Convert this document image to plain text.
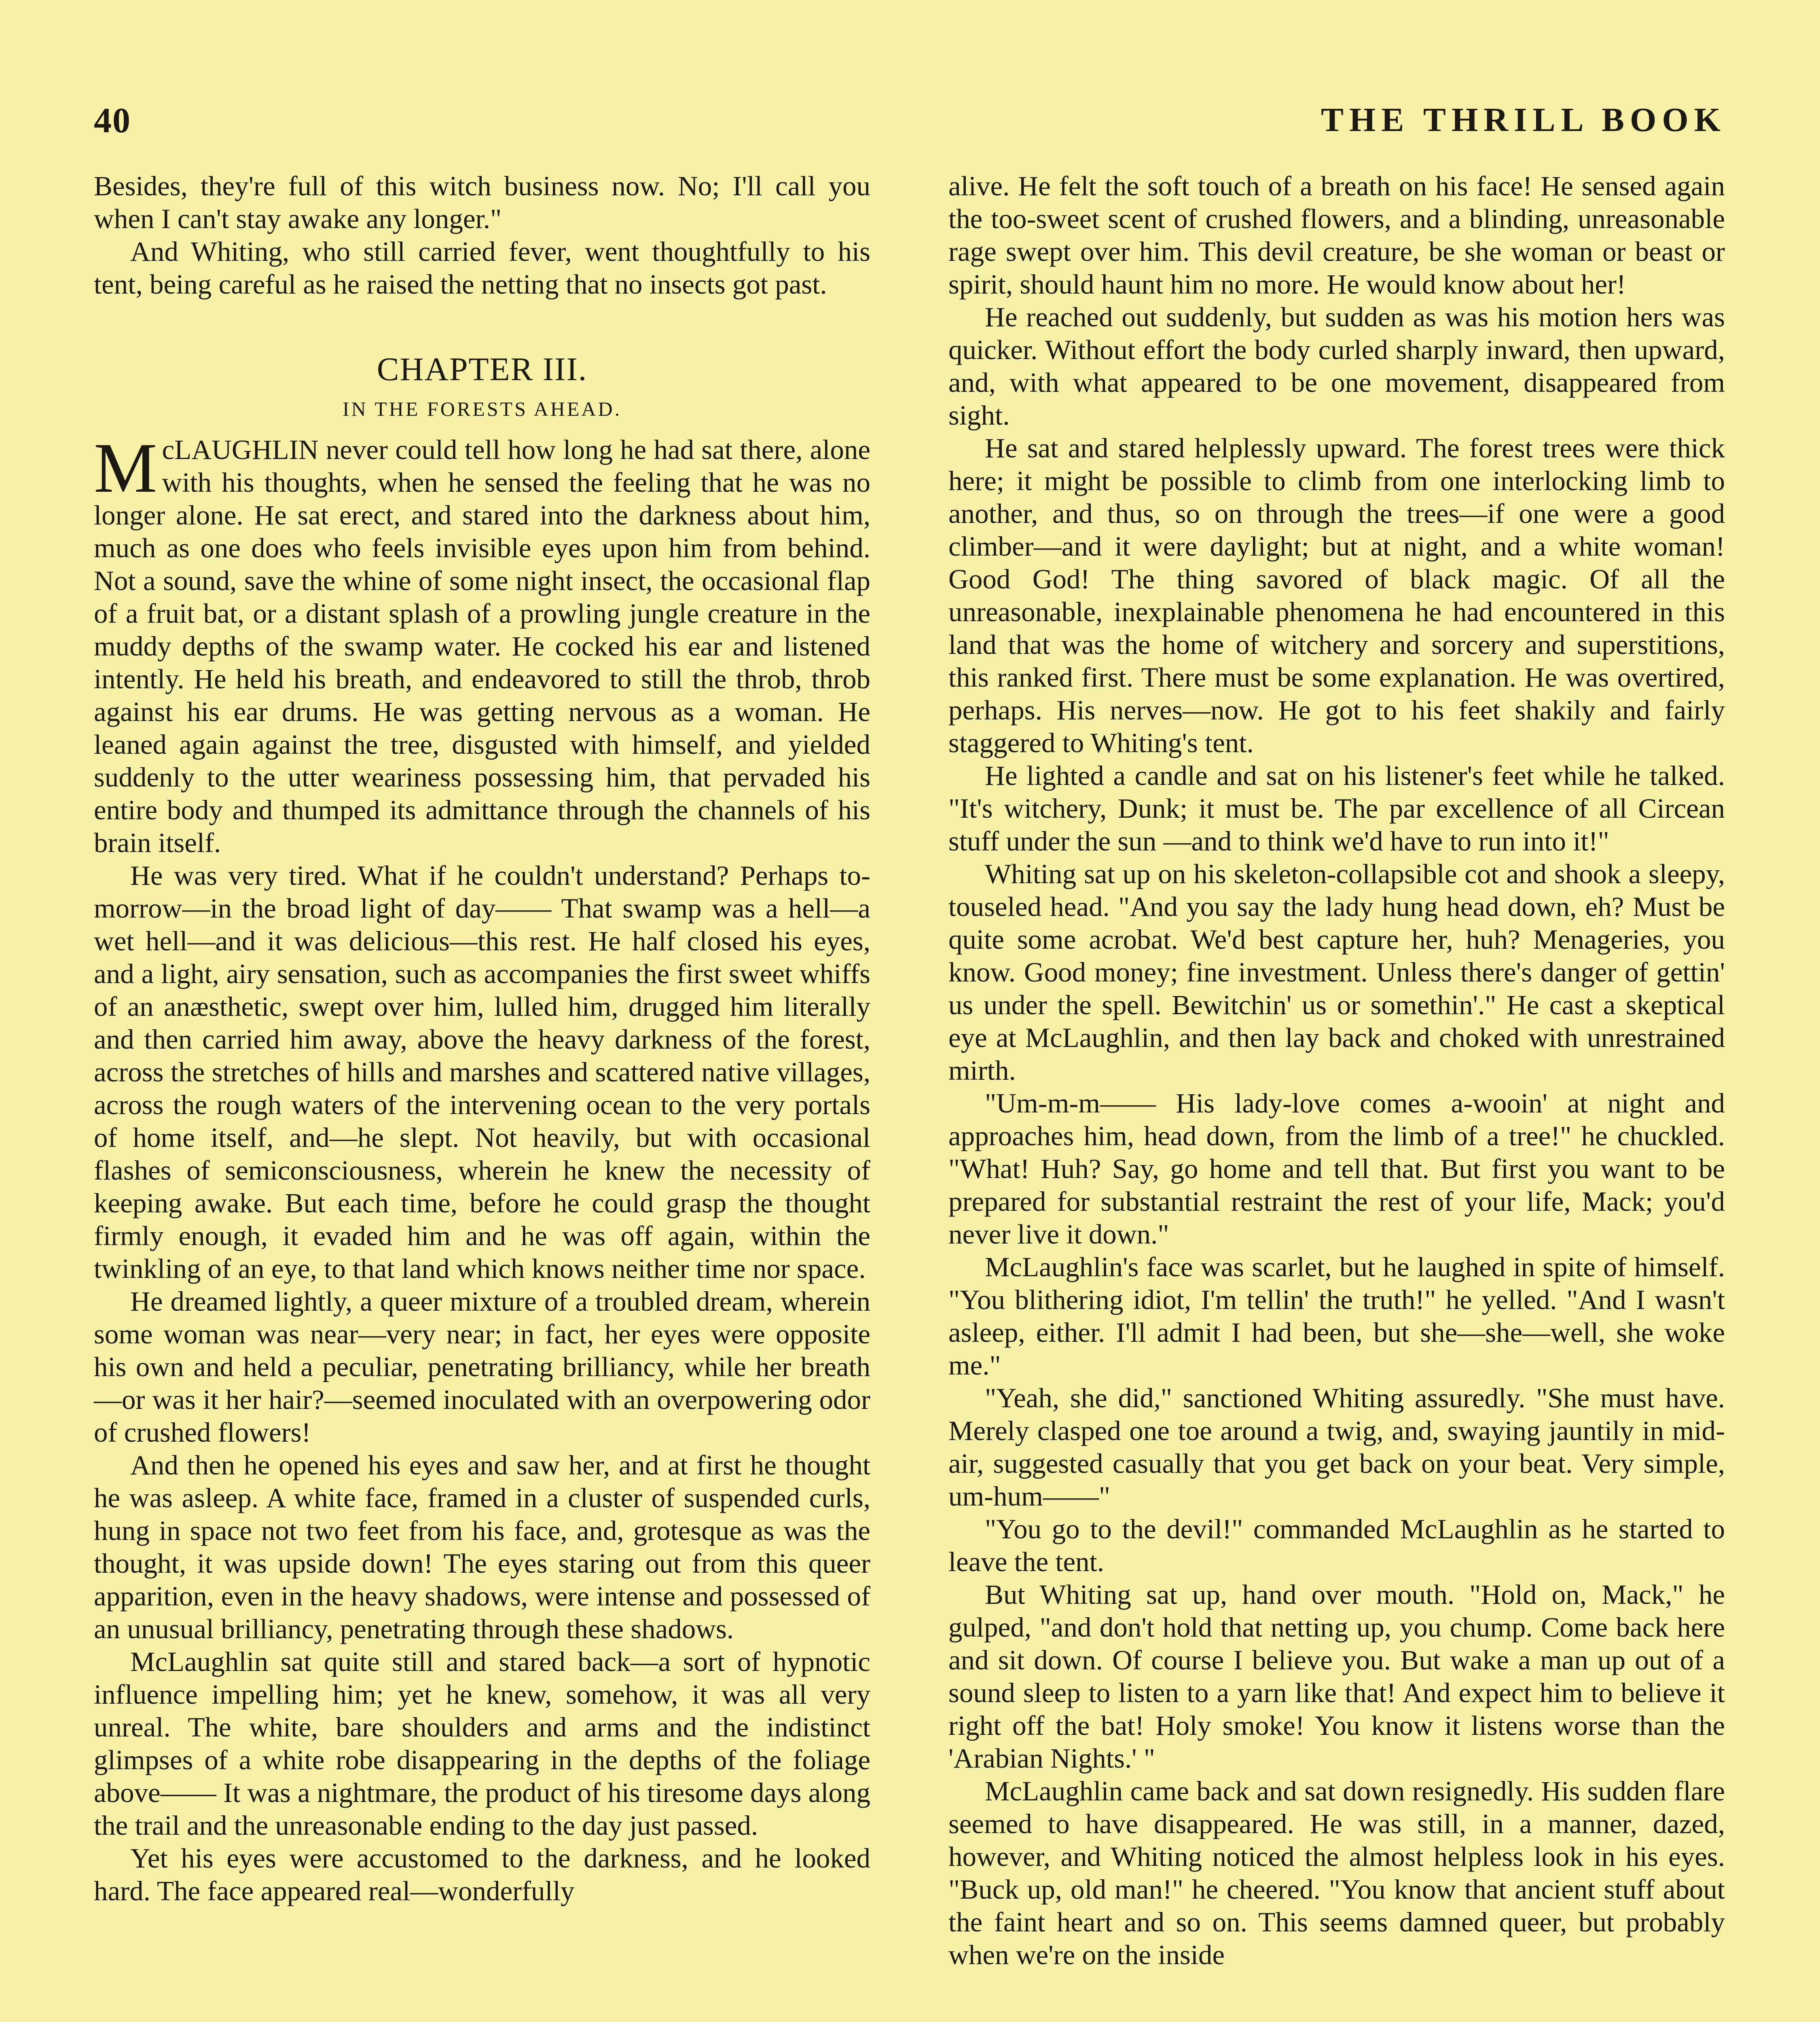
40	THE THRILL BOOK

Besides, they're full of this witch business now. No; I'll call you when I can't stay awake any longer."

And Whiting, who still carried fever, went thoughtfully to his tent, being careful as he raised the netting that no insects got past.

CHAPTER III.
IN THE FORESTS AHEAD.

McLAUGHLIN never could tell how long he had sat there, alone with his thoughts, when he sensed the feeling that he was no longer alone. He sat erect, and stared into the darkness about him, much as one does who feels invisible eyes upon him from behind. Not a sound, save the whine of some night insect, the occasional flap of a fruit bat, or a distant splash of a prowling jungle creature in the muddy depths of the swamp water. He cocked his ear and listened intently. He held his breath, and endeavored to still the throb, throb against his ear drums. He was getting nervous as a woman. He leaned again against the tree, disgusted with himself, and yielded suddenly to the utter weariness possessing him, that pervaded his entire body and thumped its admittance through the channels of his brain itself.

He was very tired. What if he couldn't understand? Perhaps to-morrow—in the broad light of day—— That swamp was a hell—a wet hell—and it was delicious—this rest. He half closed his eyes, and a light, airy sensation, such as accompanies the first sweet whiffs of an anæsthetic, swept over him, lulled him, drugged him literally and then carried him away, above the heavy darkness of the forest, across the stretches of hills and marshes and scattered native villages, across the rough waters of the intervening ocean to the very portals of home itself, and—he slept. Not heavily, but with occasional flashes of semiconsciousness, wherein he knew the necessity of keeping awake. But each time, before he could grasp the thought firmly enough, it evaded him and he was off again, within the twinkling of an eye, to that land which knows neither time nor space.

He dreamed lightly, a queer mixture of a troubled dream, wherein some woman was near—very near; in fact, her eyes were opposite his own and held a peculiar, penetrating brilliancy, while her breath—or was it her hair?—seemed inoculated with an overpowering odor of crushed flowers!

And then he opened his eyes and saw her, and at first he thought he was asleep. A white face, framed in a cluster of suspended curls, hung in space not two feet from his face, and, grotesque as was the thought, it was upside down! The eyes staring out from this queer apparition, even in the heavy shadows, were intense and possessed of an unusual brilliancy, penetrating through these shadows.

McLaughlin sat quite still and stared back—a sort of hypnotic influence impelling him; yet he knew, somehow, it was all very unreal. The white, bare shoulders and arms and the indistinct glimpses of a white robe disappearing in the depths of the foliage above—— It was a nightmare, the product of his tiresome days along the trail and the unreasonable ending to the day just passed.

Yet his eyes were accustomed to the darkness, and he looked hard. The face appeared real—wonderfully

alive. He felt the soft touch of a breath on his face! He sensed again the too-sweet scent of crushed flowers, and a blinding, unreasonable rage swept over him. This devil creature, be she woman or beast or spirit, should haunt him no more. He would know about her!

He reached out suddenly, but sudden as was his motion hers was quicker. Without effort the body curled sharply inward, then upward, and, with what appeared to be one movement, disappeared from sight.

He sat and stared helplessly upward. The forest trees were thick here; it might be possible to climb from one interlocking limb to another, and thus, so on through the trees—if one were a good climber—and it were daylight; but at night, and a white woman! Good God! The thing savored of black magic. Of all the unreasonable, inexplainable phenomena he had encountered in this land that was the home of witchery and sorcery and superstitions, this ranked first. There must be some explanation. He was overtired, perhaps. His nerves—now. He got to his feet shakily and fairly staggered to Whiting's tent.

He lighted a candle and sat on his listener's feet while he talked. "It's witchery, Dunk; it must be. The par excellence of all Circean stuff under the sun —and to think we'd have to run into it!"

Whiting sat up on his skeleton-collapsible cot and shook a sleepy, touseled head. "And you say the lady hung head down, eh? Must be quite some acrobat. We'd best capture her, huh? Menageries, you know. Good money; fine investment. Unless there's danger of gettin' us under the spell. Bewitchin' us or somethin'." He cast a skeptical eye at McLaughlin, and then lay back and choked with unrestrained mirth.

"Um-m-m—— His lady-love comes a-wooin' at night and approaches him, head down, from the limb of a tree!" he chuckled. "What! Huh? Say, go home and tell that. But first you want to be prepared for substantial restraint the rest of your life, Mack; you'd never live it down."

McLaughlin's face was scarlet, but he laughed in spite of himself. "You blithering idiot, I'm tellin' the truth!" he yelled. "And I wasn't asleep, either. I'll admit I had been, but she—she—well, she woke me."

"Yeah, she did," sanctioned Whiting assuredly. "She must have. Merely clasped one toe around a twig, and, swaying jauntily in mid-air, suggested casually that you get back on your beat. Very simple, um-hum——"

"You go to the devil!" commanded McLaughlin as he started to leave the tent.

But Whiting sat up, hand over mouth. "Hold on, Mack," he gulped, "and don't hold that netting up, you chump. Come back here and sit down. Of course I believe you. But wake a man up out of a sound sleep to listen to a yarn like that! And expect him to believe it right off the bat! Holy smoke! You know it listens worse than the 'Arabian Nights.' "

McLaughlin came back and sat down resignedly. His sudden flare seemed to have disappeared. He was still, in a manner, dazed, however, and Whiting noticed the almost helpless look in his eyes. "Buck up, old man!" he cheered. "You know that ancient stuff about the faint heart and so on. This seems damned queer, but probably when we're on the inside
